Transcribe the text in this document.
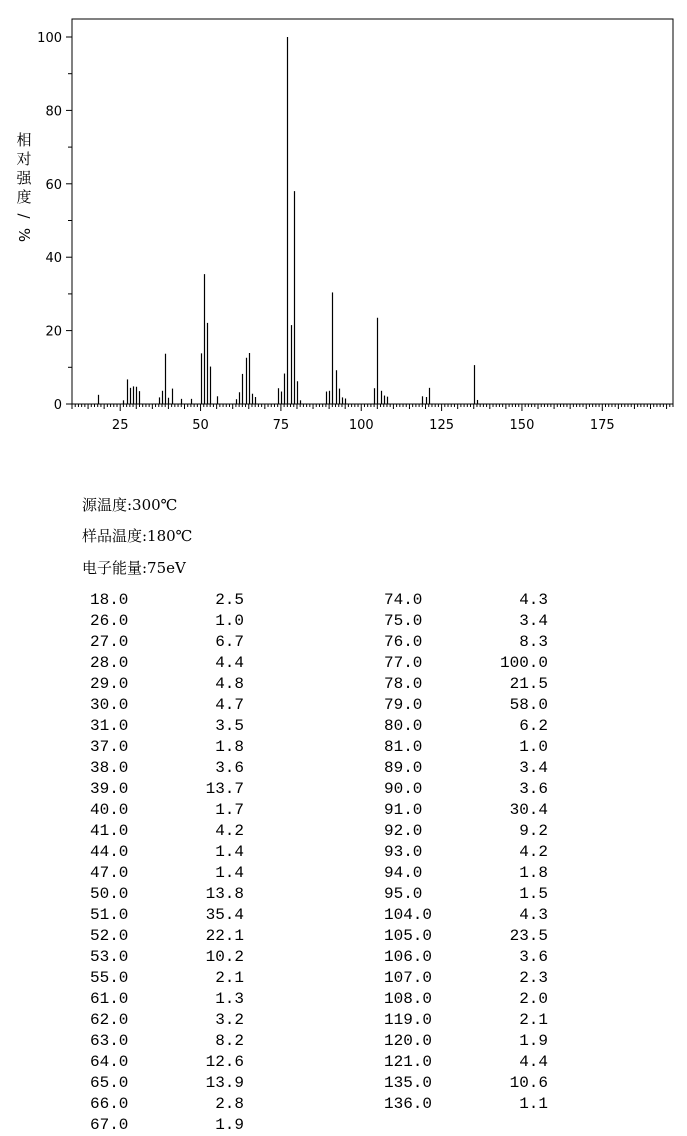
相
对
强
度
/
%
25	50	75	100	125	150	175
0
20
40
60
80
100
源温度:300℃
样品温度:180℃
电子能量:75eV
18.0	2.5
26.0	1.0
27.0	6.7
28.0	4.4
29.0	4.8
30.0	4.7
31.0	3.5
37.0	1.8
38.0	3.6
39.0	13.7
40.0	1.7
41.0	4.2
44.0	1.4
47.0	1.4
50.0	13.8
51.0	35.4
52.0	22.1
53.0	10.2
55.0	2.1
61.0	1.3
62.0	3.2
63.0	8.2
64.0	12.6
65.0	13.9
66.0	2.8
67.0	1.9
74.0	4.3
75.0	3.4
76.0	8.3
77.0	100.0
78.0	21.5
79.0	58.0
80.0	6.2
81.0	1.0
89.0	3.4
90.0	3.6
91.0	30.4
92.0	9.2
93.0	4.2
94.0	1.8
95.0	1.5
104.0	4.3
105.0	23.5
106.0	3.6
107.0	2.3
108.0	2.0
119.0	2.1
120.0	1.9
121.0	4.4
135.0	10.6
136.0	1.1
